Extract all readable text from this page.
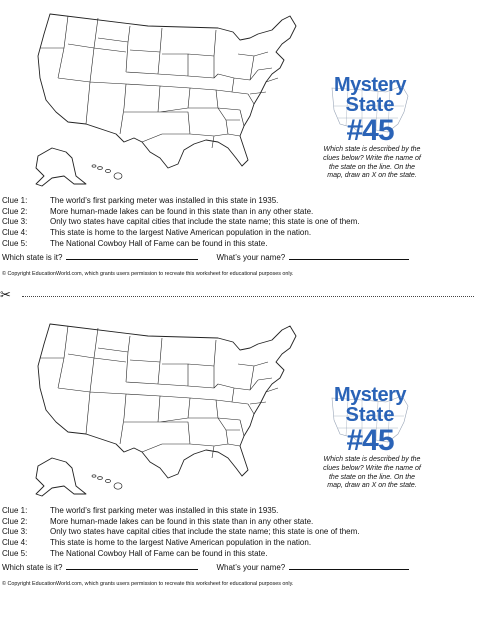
Mystery
State
#45
Which state is described by the clues below? Write the name of the state on the line. On the map, draw an X on the state.
Clue 1:	The world’s first parking meter was installed in this state in 1935.
Clue 2:	More human-made lakes can be found in this state than in any other state.
Clue 3:	Only two states have capital cities that include the state name; this state is one of them.
Clue 4:	This state is home to the largest Native American population in the nation.
Clue 5:	The National Cowboy Hall of Fame can be found in this state.
Which state is it?	What’s your name?
© Copyright EducationWorld.com, which grants users permission to recreate this worksheet for educational purposes only.
✂
Mystery
State
#45
Which state is described by the clues below? Write the name of the state on the line. On the map, draw an X on the state.
Clue 1:	The world’s first parking meter was installed in this state in 1935.
Clue 2:	More human-made lakes can be found in this state than in any other state.
Clue 3:	Only two states have capital cities that include the state name; this state is one of them.
Clue 4:	This state is home to the largest Native American population in the nation.
Clue 5:	The National Cowboy Hall of Fame can be found in this state.
Which state is it?	What’s your name?
© Copyright EducationWorld.com, which grants users permission to recreate this worksheet for educational purposes only.
